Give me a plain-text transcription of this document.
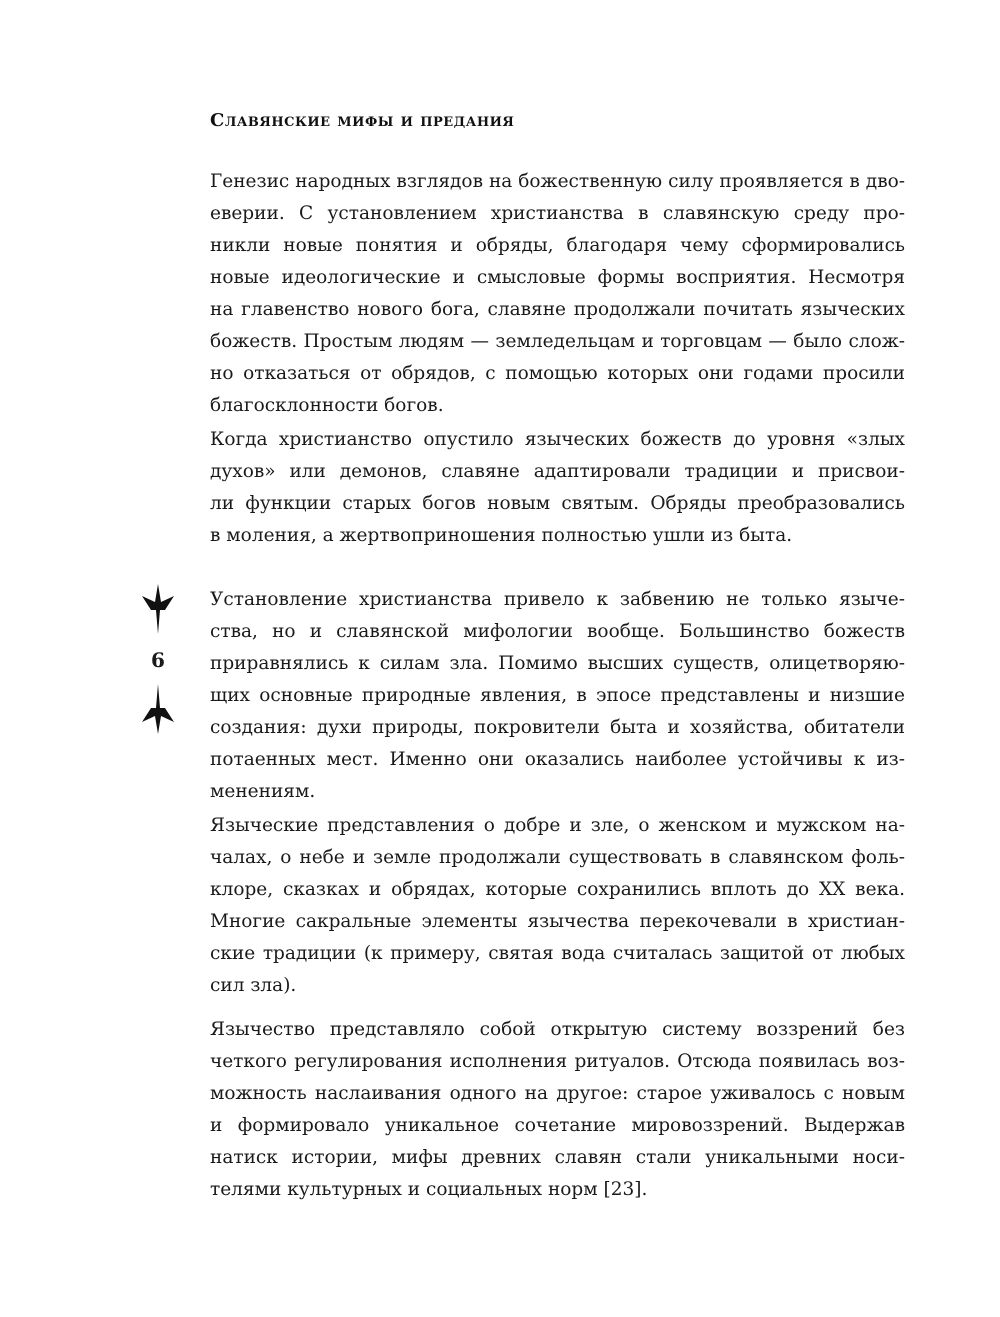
Славянские мифы и предания
Генезис народных взглядов на божественную силу проявляется в дво-
еверии. С установлением христианства в славянскую среду про-
никли новые понятия и обряды, благодаря чему сформировались
новые идеологические и смысловые формы восприятия. Несмотря
на главенство нового бога, славяне продолжали почитать языческих
божеств. Простым людям — земледельцам и торговцам — было слож-
но отказаться от обрядов, с помощью которых они годами просили
благосклонности богов.
Когда христианство опустило языческих божеств до уровня «злых
духов» или демонов, славяне адаптировали традиции и присвои-
ли функции старых богов новым святым. Обряды преобразовались
в моления, а жертвоприношения полностью ушли из быта.
Установление христианства привело к забвению не только языче-
ства, но и славянской мифологии вообще. Большинство божеств
приравнялись к силам зла. Помимо высших существ, олицетворяю-
щих основные природные явления, в эпосе представлены и низшие
создания: духи природы, покровители быта и хозяйства, обитатели
потаенных мест. Именно они оказались наиболее устойчивы к из-
менениям.
Языческие представления о добре и зле, о женском и мужском на-
чалах, о небе и земле продолжали существовать в славянском фоль-
клоре, сказках и обрядах, которые сохранились вплоть до XX века.
Многие сакральные элементы язычества перекочевали в христиан-
ские традиции (к примеру, святая вода считалась защитой от любых
сил зла).
Язычество представляло собой открытую систему воззрений без
четкого регулирования исполнения ритуалов. Отсюда появилась воз-
можность наслаивания одного на другое: старое уживалось с новым
и формировало уникальное сочетание мировоззрений. Выдержав
натиск истории, мифы древних славян стали уникальными носи-
телями культурных и социальных норм [23].
6
